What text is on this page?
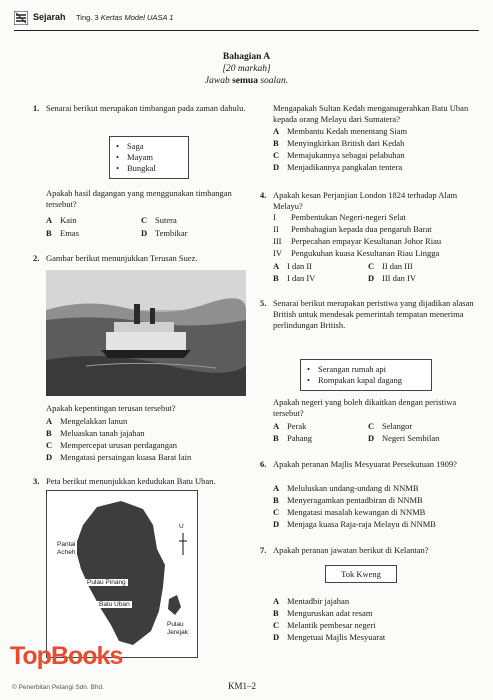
Sejarah Ting. 3 Kertas Model UASA 1
Bahagian A
[20 markah]
Jawab semua soalan.
1. Senarai berikut merupakan timbangan pada zaman dahulu.
• Saga
• Mayam
• Bungkal
Apakah hasil dagangan yang menggunakan timbangan tersebut?
A Kain
B Emas
C Sutera
D Tembikar
2. Gambar berikut menunjukkan Terusan Suez.
Apakah kepentingan terusan tersebut?
A Mengelakkan lanun
B Meluaskan tanah jajahan
C Mempercepat urusan perdagangan
D Mengatasi persaingan kuasa Barat lain
3. Peta berikut menunjukkan kedudukan Batu Uban.
U
Pantai
Acheh
Pulau Pinang
Batu Uban
Pulau
Jerejak
Mengapakah Sultan Kedah menganugerahkan Batu Uban kepada orang Melayu dari Sumatera?
A Membantu Kedah menentang Siam
B Menyingkirkan British dari Kedah
C Memajukannya sebagai pelabuhan
D Menjadikannya pangkalan tentera
4. Apakah kesan Perjanjian London 1824 terhadap Alam Melayu?
I Pembentukan Negeri-negeri Selat
II Pembahagian kepada dua pengaruh Barat
III Perpecahan empayar Kesultanan Johor Riau
IV Pengukuhan kuasa Kesultanan Riau Lingga
A I dan II
B I dan IV
C II dan III
D III dan IV
5. Senarai berikut merupakan peristiwa yang dijadikan alasan British untuk mendesak pemerintah tempatan menerima perlindungan British.
• Serangan rumah api
• Rompakan kapal dagang
Apakah negeri yang boleh dikaitkan dengan peristiwa tersebut?
A Perak
B Pahang
C Selangor
D Negeri Sembilan
6. Apakah peranan Majlis Mesyuarat Persekutuan 1909?
A Meluluskan undang-undang di NNMB
B Menyeragamkan pentadbiran di NNMB
C Mengatasi masalah kewangan di NNMB
D Menjaga kuasa Raja-raja Melayu di NNMB
7. Apakah peranan jawatan berikut di Kelantan?
Tok Kweng
A Mentadbir jajahan
B Menguruskan adat resam
C Melantik pembesar negeri
D Mengetuai Majlis Mesyuarat
TopBooks
© Penerbitan Pelangi Sdn. Bhd.	KM1–2
